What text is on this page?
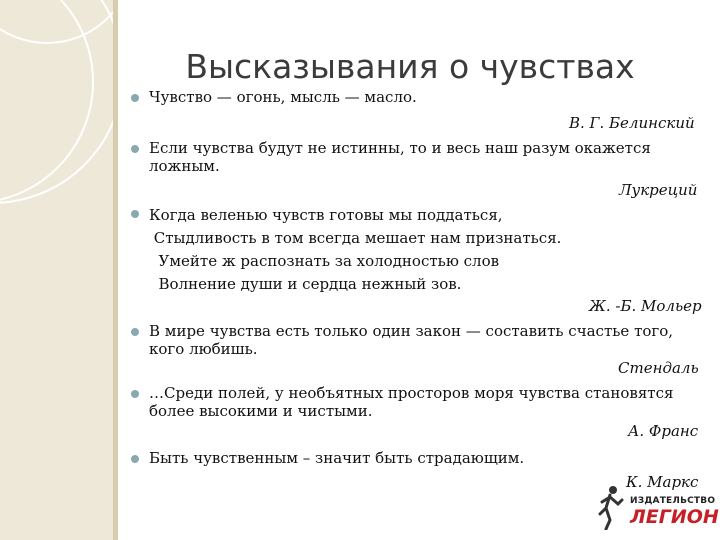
Высказывания о чувствах
Чувство — огонь, мысль — масло.
В. Г. Белинский
Если чувства будут не истинны, то и весь наш разум окажется
ложным.
Лукреций
Когда веленью чувств готовы мы поддаться,
Стыдливость в том всегда мешает нам признаться.
Умейте ж распознать за холодностью слов
Волнение души и сердца нежный зов.
Ж. -Б. Мольер
В мире чувства есть только один закон — составить счастье того,
кого любишь.
Стендаль
…Среди полей, у необъятных просторов моря чувства становятся
более высокими и чистыми.
А. Франс
Быть чувственным – значит быть страдающим.
К. Маркс
ИЗДАТЕЛЬСТВО
ЛЕГИОН
